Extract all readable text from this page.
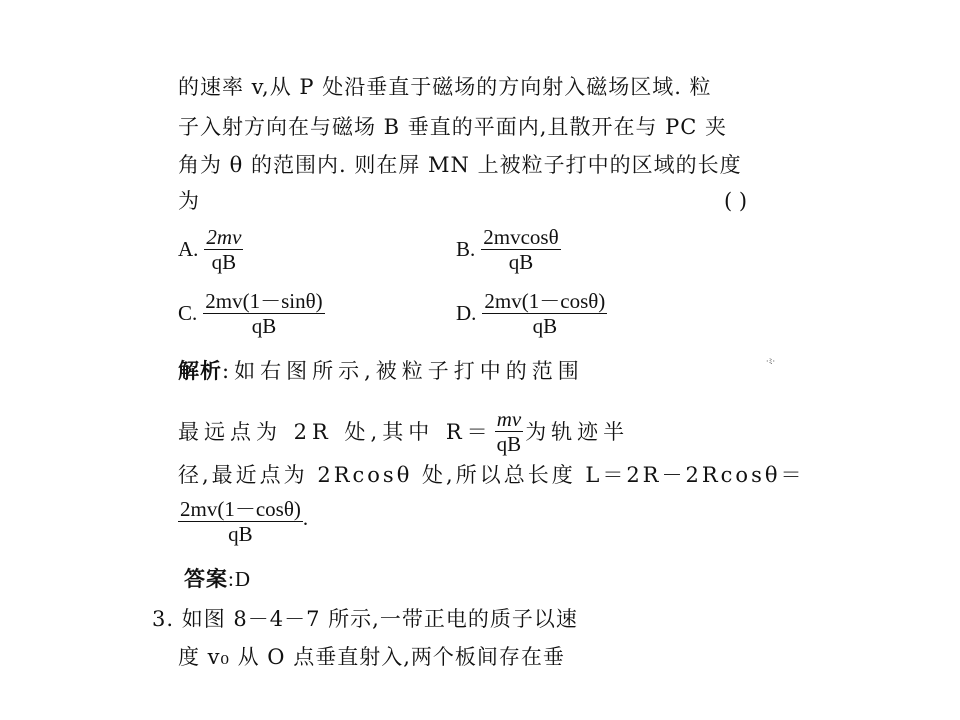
的速率 v,从 P 处沿垂直于磁场的方向射入磁场区域. 粒
子入射方向在与磁场 B 垂直的平面内,且散开在与 PC 夹
角为 θ 的范围内. 则在屏 MN 上被粒子打中的区域的长度
为	( )
A. $\frac{2mv}{qB}$	B. $\frac{2mvcos\theta}{qB}$
C. $\frac{2mv(1-\sin\theta)}{qB}$	D. $\frac{2mv(1-\cos\theta)}{qB}$
解析:如右图所示,被粒子打中的范围	·ﾐ·
最远点为 2R 处,其中 $R= \frac{mv}{qB}$ 为轨迹半
径,最近点为 2Rcosθ 处,所以总长度 L＝2R－2Rcosθ＝
$\frac{2mv(1-\cos\theta)}{qB}$ .
答案:D
3. 如图 8－4－7 所示,一带正电的质子以速
度 v₀ 从 O 点垂直射入,两个板间存在垂
